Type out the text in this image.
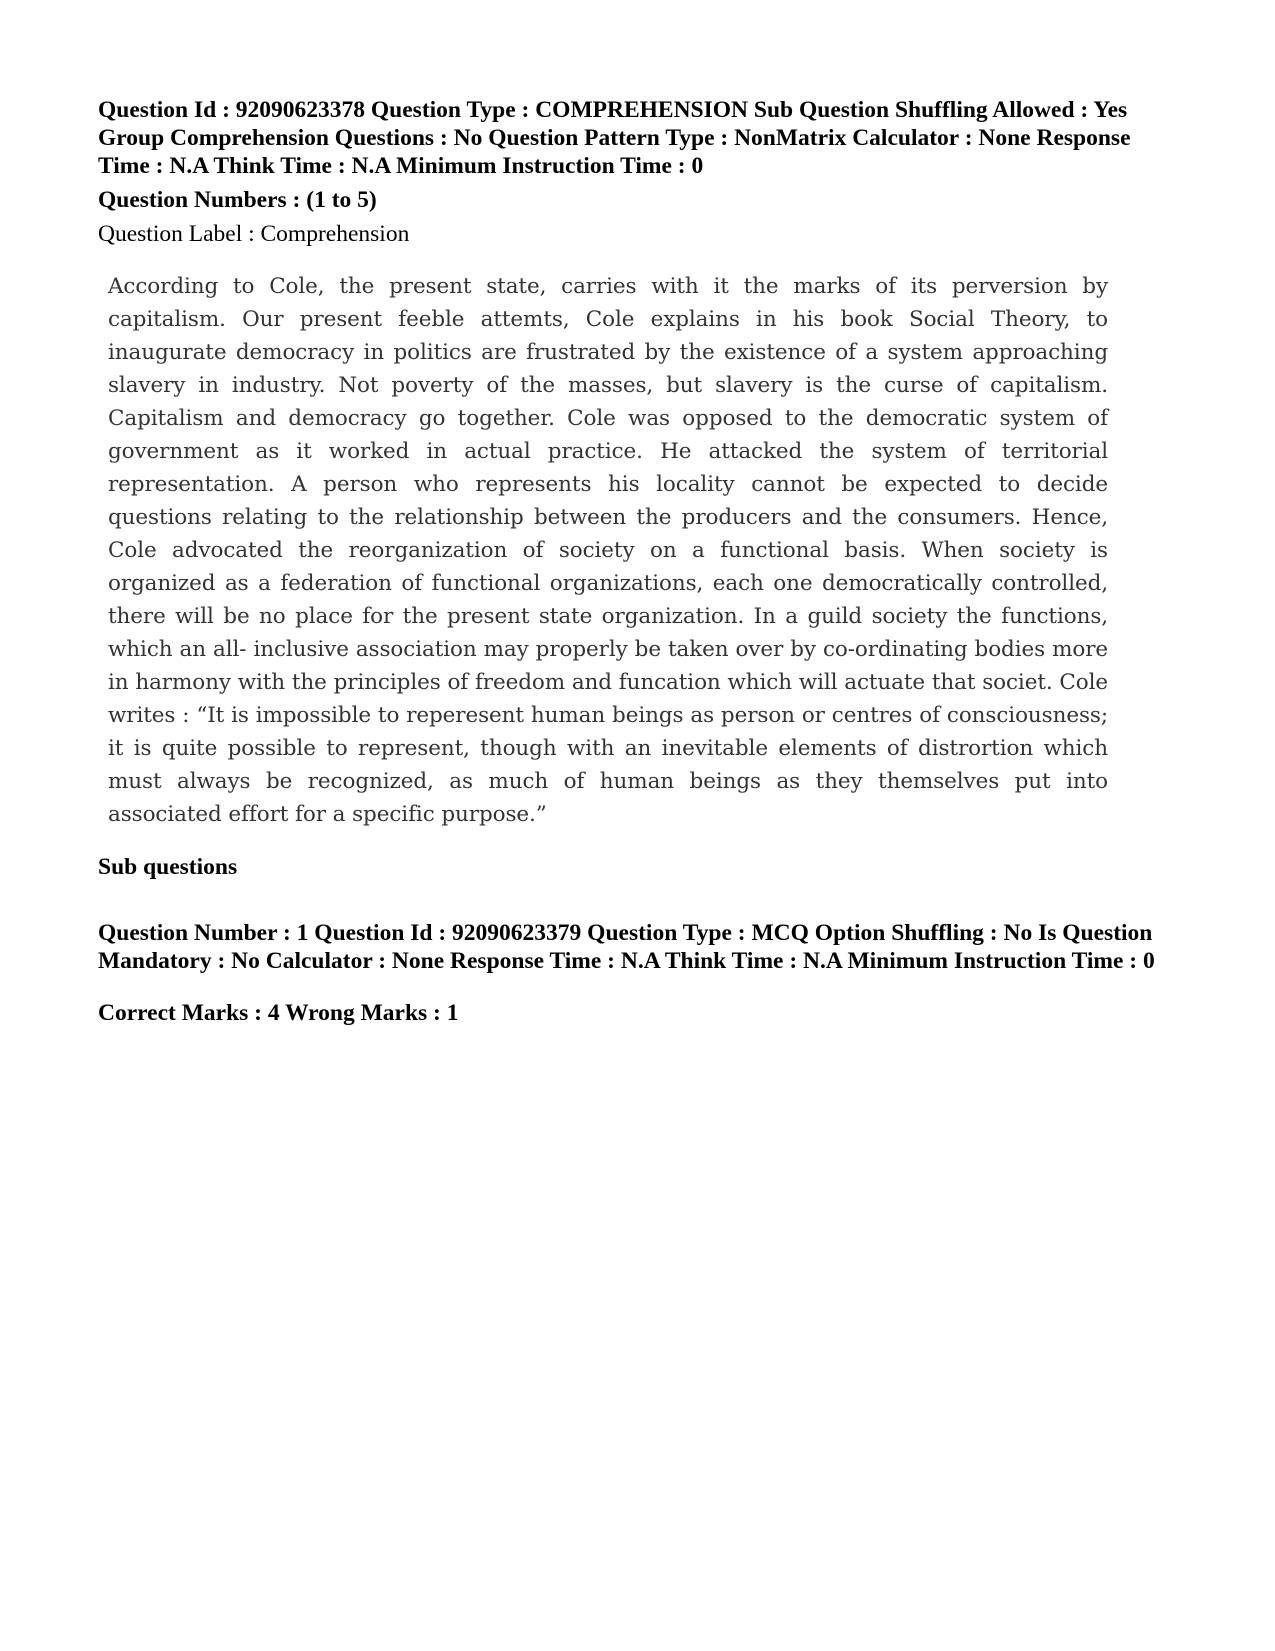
Question Id : 92090623378 Question Type : COMPREHENSION Sub Question Shuffling Allowed : Yes Group Comprehension Questions : No Question Pattern Type : NonMatrix Calculator : None Response Time : N.A Think Time : N.A Minimum Instruction Time : 0

Question Numbers : (1 to 5)
Question Label : Comprehension
According to Cole, the present state, carries with it the marks of its perversion by capitalism. Our present feeble attemts, Cole explains in his book Social Theory, to inaugurate democracy in politics are frustrated by the existence of a system approaching slavery in industry. Not poverty of the masses, but slavery is the curse of capitalism. Capitalism and democracy go together. Cole was opposed to the democratic system of government as it worked in actual practice. He attacked the system of territorial representation. A person who represents his locality cannot be expected to decide questions relating to the relationship between the producers and the consumers. Hence, Cole advocated the reorganization of society on a functional basis. When society is organized as a federation of functional organizations, each one democratically controlled, there will be no place for the present state organization. In a guild society the functions, which an all- inclusive association may properly be taken over by co-ordinating bodies more in harmony with the principles of freedom and funcation which will actuate that societ. Cole writes : “It is impossible to reperesent human beings as person or centres of consciousness; it is quite possible to represent, though with an inevitable elements of distrortion which must always be recognized, as much of human beings as they themselves put into associated effort for a specific purpose.”
Sub questions

Question Number : 1 Question Id : 92090623379 Question Type : MCQ Option Shuffling : No Is Question Mandatory : No Calculator : None Response Time : N.A Think Time : N.A Minimum Instruction Time : 0

Correct Marks : 4 Wrong Marks : 1
